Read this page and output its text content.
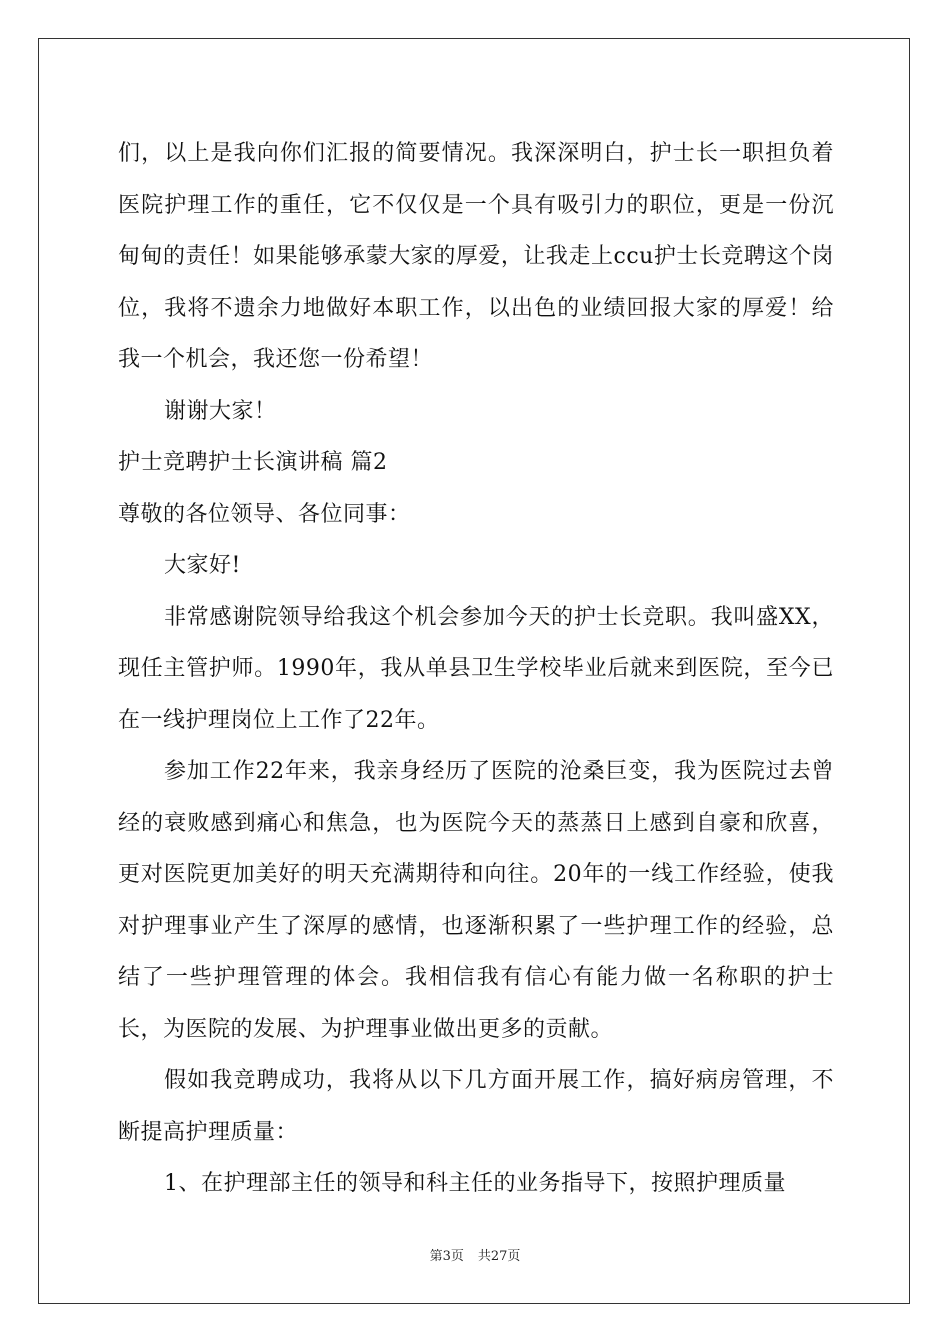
们，以上是我向你们汇报的简要情况。我深深明白，护士长一职担负着医院护理工作的重任，它不仅仅是一个具有吸引力的职位，更是一份沉甸甸的责任！如果能够承蒙大家的厚爱，让我走上ccu护士长竞聘这个岗位，我将不遗余力地做好本职工作，以出色的业绩回报大家的厚爱！给我一个机会，我还您一份希望！

谢谢大家！

护士竞聘护士长演讲稿 篇2

尊敬的各位领导、各位同事：

大家好!

非常感谢院领导给我这个机会参加今天的护士长竞职。我叫盛XX，现任主管护师。1990年，我从单县卫生学校毕业后就来到医院，至今已在一线护理岗位上工作了22年。

参加工作22年来，我亲身经历了医院的沧桑巨变，我为医院过去曾经的衰败感到痛心和焦急，也为医院今天的蒸蒸日上感到自豪和欣喜，更对医院更加美好的明天充满期待和向往。20年的一线工作经验，使我对护理事业产生了深厚的感情，也逐渐积累了一些护理工作的经验，总结了一些护理管理的体会。我相信我有信心有能力做一名称职的护士长，为医院的发展、为护理事业做出更多的贡献。

假如我竞聘成功，我将从以下几方面开展工作，搞好病房管理，不断提高护理质量：

1、在护理部主任的领导和科主任的业务指导下，按照护理质量

第3页 共27页
